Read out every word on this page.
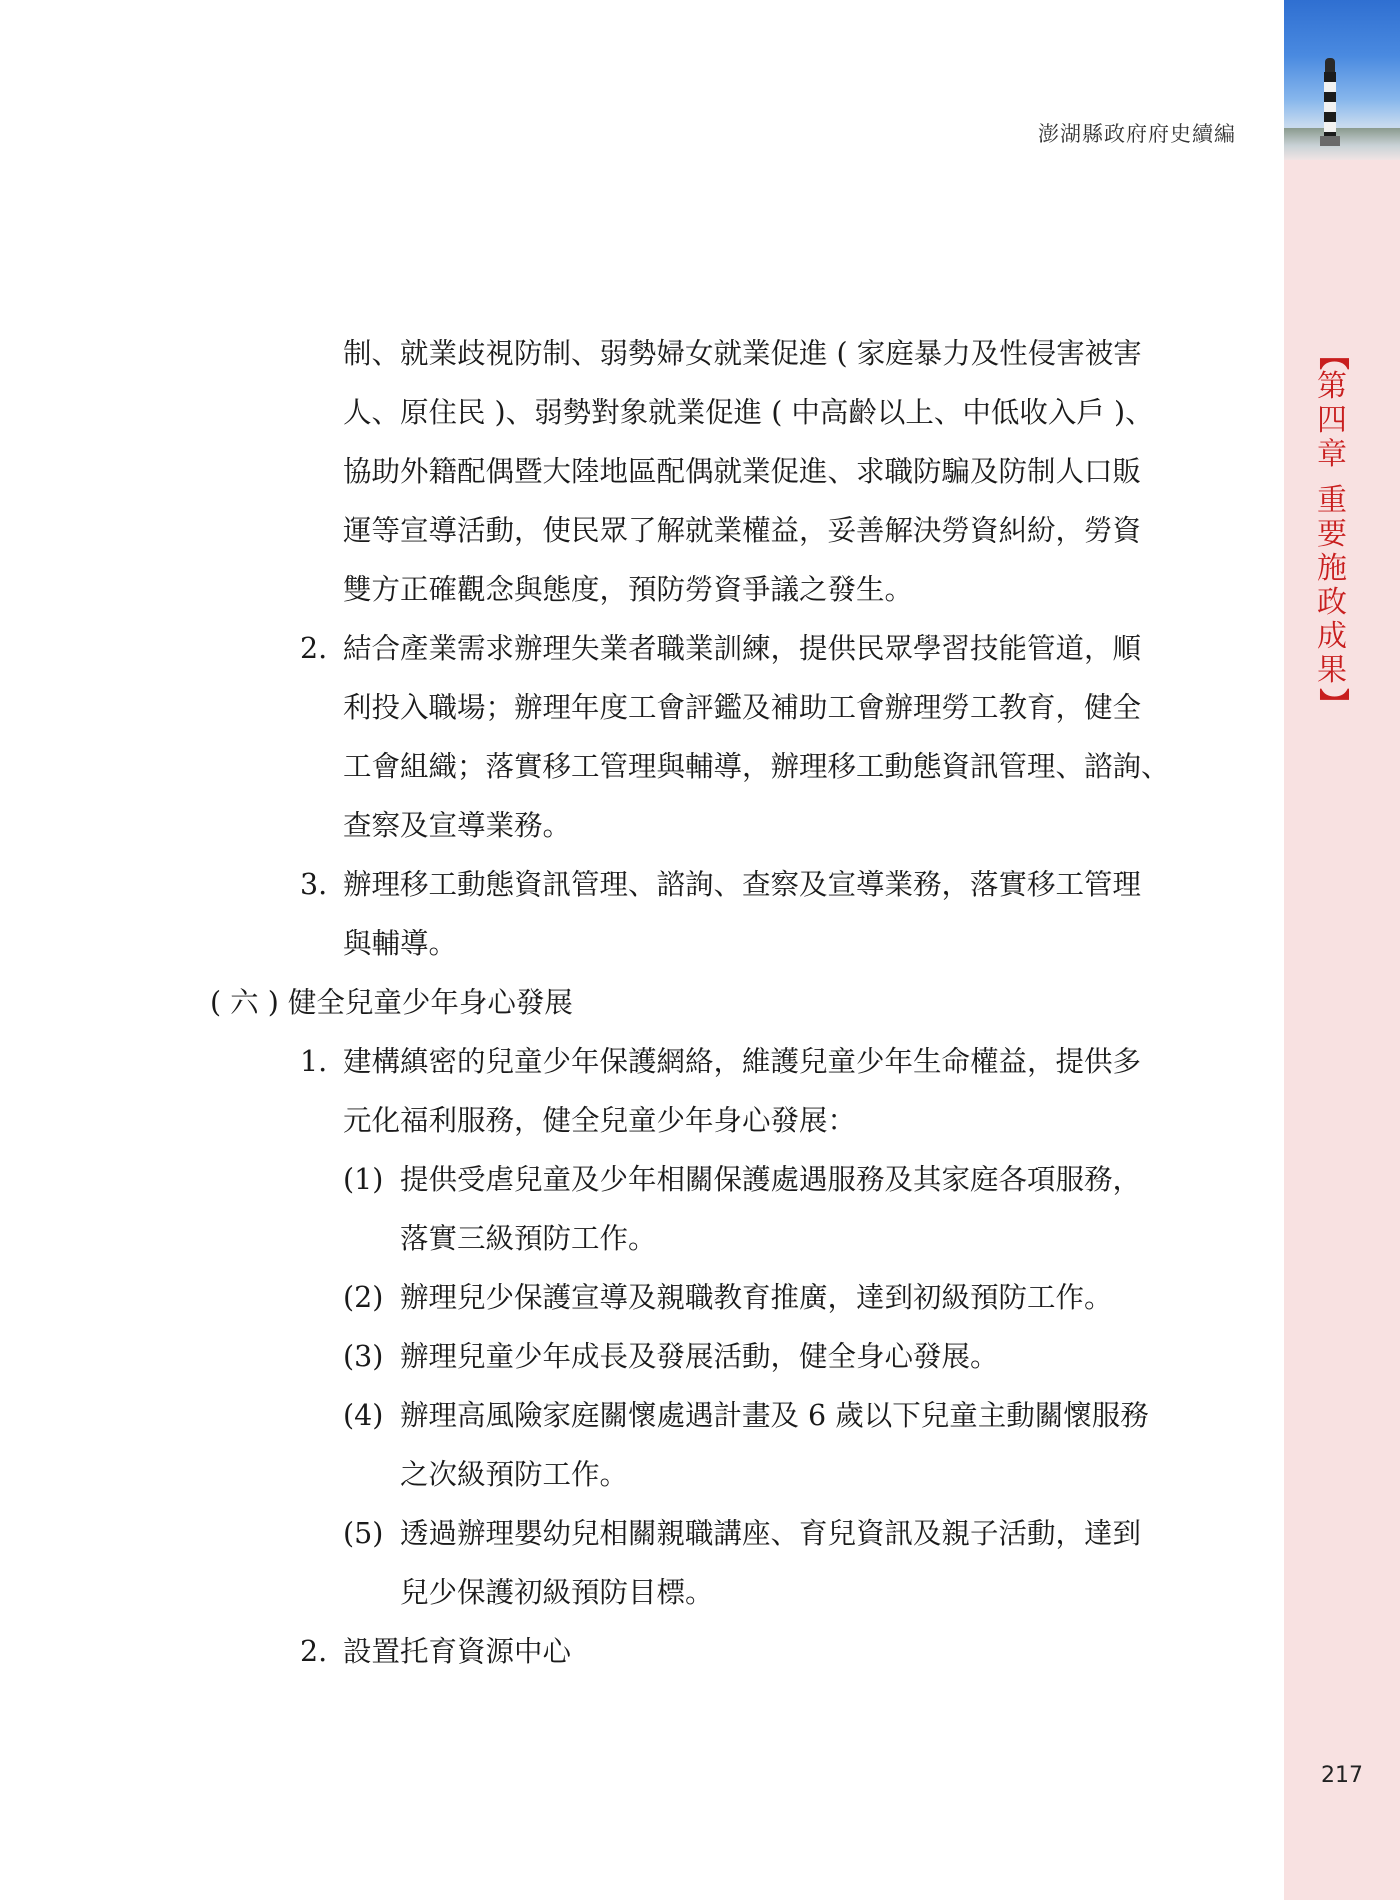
澎湖縣政府府史續編
【
第
四
章
重
要
施
政
成
果
】
制、就業歧視防制、弱勢婦女就業促進 ( 家庭暴力及性侵害被害
人、原住民 )、弱勢對象就業促進 ( 中高齡以上、中低收入戶 )、
協助外籍配偶暨大陸地區配偶就業促進、求職防騙及防制人口販
運等宣導活動，使民眾了解就業權益，妥善解決勞資糾紛，勞資
雙方正確觀念與態度，預防勞資爭議之發生。
2. 結合產業需求辦理失業者職業訓練，提供民眾學習技能管道，順
利投入職場；辦理年度工會評鑑及補助工會辦理勞工教育，健全
工會組織；落實移工管理與輔導，辦理移工動態資訊管理、諮詢、
查察及宣導業務。
3. 辦理移工動態資訊管理、諮詢、查察及宣導業務，落實移工管理
與輔導。
( 六 ) 健全兒童少年身心發展
1. 建構縝密的兒童少年保護網絡，維護兒童少年生命權益，提供多
元化福利服務，健全兒童少年身心發展：
(1) 提供受虐兒童及少年相關保護處遇服務及其家庭各項服務，
落實三級預防工作。
(2) 辦理兒少保護宣導及親職教育推廣，達到初級預防工作。
(3) 辦理兒童少年成長及發展活動，健全身心發展。
(4) 辦理高風險家庭關懷處遇計畫及 6 歲以下兒童主動關懷服務
之次級預防工作。
(5) 透過辦理嬰幼兒相關親職講座、育兒資訊及親子活動，達到
兒少保護初級預防目標。
2. 設置托育資源中心
217
